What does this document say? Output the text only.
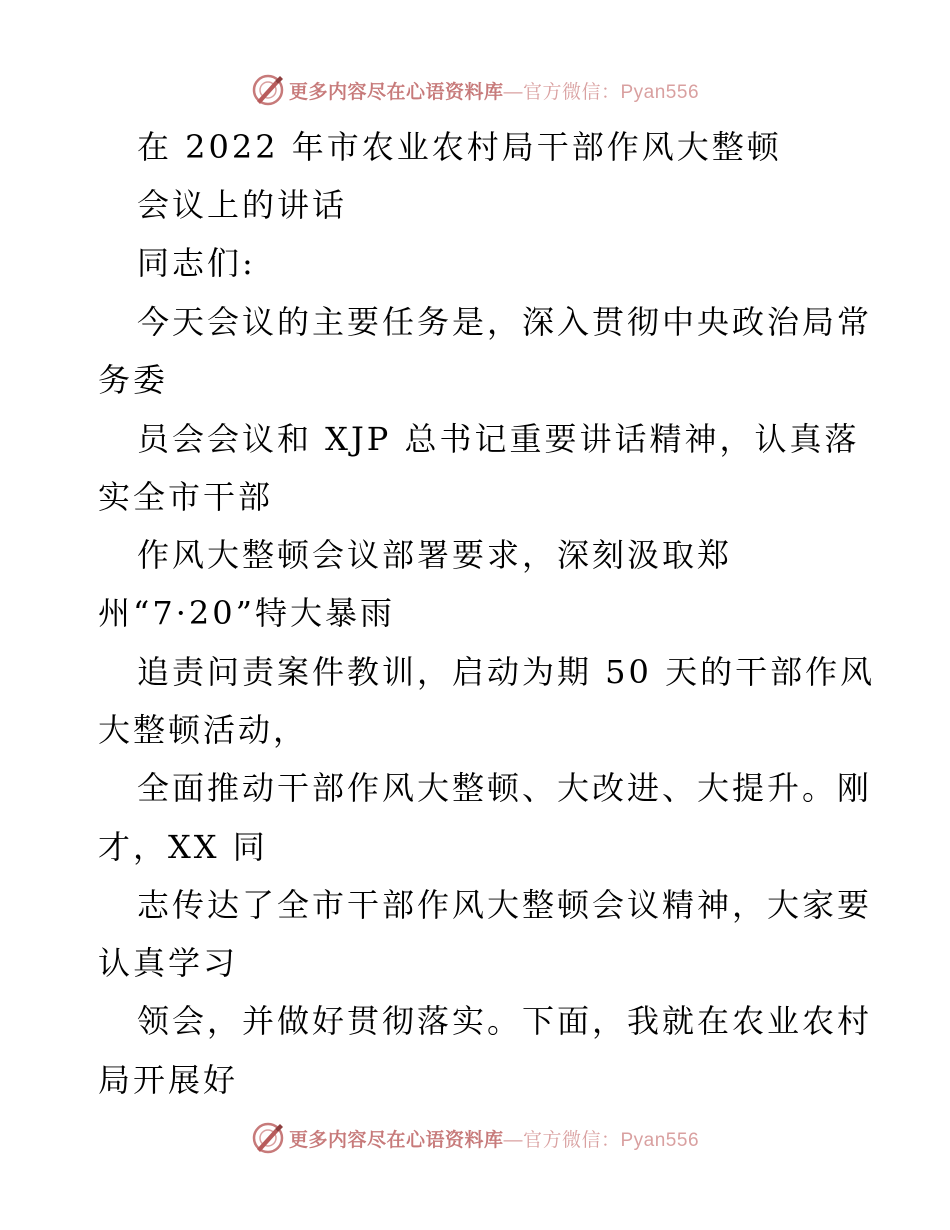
更多内容尽在心语资料库—官方微信：Pyan556
在 2022 年市农业农村局干部作风大整顿
会议上的讲话
同志们:
今天会议的主要任务是，深入贯彻中央政治局常
务委
员会会议和 XJP 总书记重要讲话精神，认真落
实全市干部
作风大整顿会议部署要求，深刻汲取郑
州“7·20”特大暴雨
追责问责案件教训，启动为期 50 天的干部作风
大整顿活动，
全面推动干部作风大整顿、大改进、大提升。刚
才，XX 同
志传达了全市干部作风大整顿会议精神，大家要
认真学习
领会，并做好贯彻落实。下面，我就在农业农村
局开展好
更多内容尽在心语资料库—官方微信：Pyan556
